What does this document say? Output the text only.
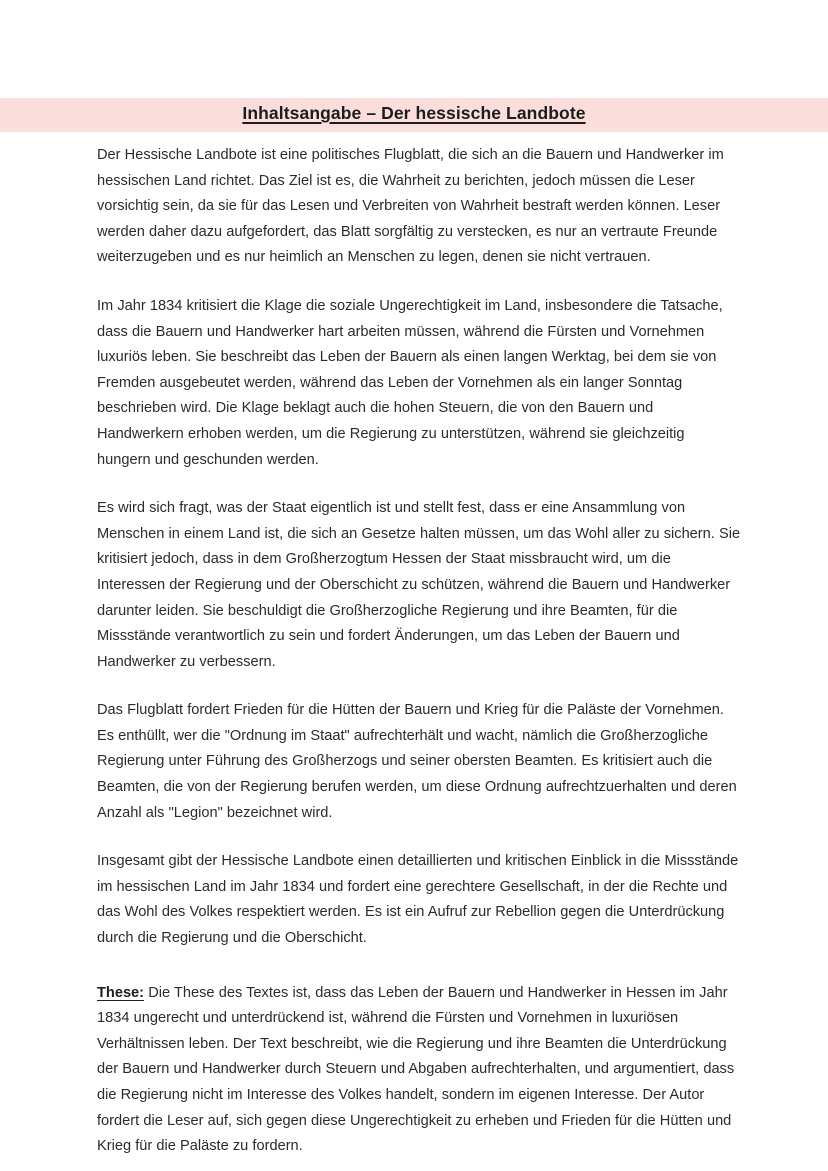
Inhaltsangabe – Der hessische Landbote

Der Hessische Landbote ist eine politisches Flugblatt, die sich an die Bauern und Handwerker im hessischen Land richtet. Das Ziel ist es, die Wahrheit zu berichten, jedoch müssen die Leser vorsichtig sein, da sie für das Lesen und Verbreiten von Wahrheit bestraft werden können. Leser werden daher dazu aufgefordert, das Blatt sorgfältig zu verstecken, es nur an vertraute Freunde weiterzugeben und es nur heimlich an Menschen zu legen, denen sie nicht vertrauen.

Im Jahr 1834 kritisiert die Klage die soziale Ungerechtigkeit im Land, insbesondere die Tatsache, dass die Bauern und Handwerker hart arbeiten müssen, während die Fürsten und Vornehmen luxuriös leben. Sie beschreibt das Leben der Bauern als einen langen Werktag, bei dem sie von Fremden ausgebeutet werden, während das Leben der Vornehmen als ein langer Sonntag beschrieben wird. Die Klage beklagt auch die hohen Steuern, die von den Bauern und Handwerkern erhoben werden, um die Regierung zu unterstützen, während sie gleichzeitig hungern und geschunden werden.

Es wird sich fragt, was der Staat eigentlich ist und stellt fest, dass er eine Ansammlung von Menschen in einem Land ist, die sich an Gesetze halten müssen, um das Wohl aller zu sichern. Sie kritisiert jedoch, dass in dem Großherzogtum Hessen der Staat missbraucht wird, um die Interessen der Regierung und der Oberschicht zu schützen, während die Bauern und Handwerker darunter leiden. Sie beschuldigt die Großherzogliche Regierung und ihre Beamten, für die Missstände verantwortlich zu sein und fordert Änderungen, um das Leben der Bauern und Handwerker zu verbessern.

Das Flugblatt fordert Frieden für die Hütten der Bauern und Krieg für die Paläste der Vornehmen. Es enthüllt, wer die "Ordnung im Staat" aufrechterhält und wacht, nämlich die Großherzogliche Regierung unter Führung des Großherzogs und seiner obersten Beamten. Es kritisiert auch die Beamten, die von der Regierung berufen werden, um diese Ordnung aufrechtzuerhalten und deren Anzahl als "Legion" bezeichnet wird.

Insgesamt gibt der Hessische Landbote einen detaillierten und kritischen Einblick in die Missstände im hessischen Land im Jahr 1834 und fordert eine gerechtere Gesellschaft, in der die Rechte und das Wohl des Volkes respektiert werden. Es ist ein Aufruf zur Rebellion gegen die Unterdrückung durch die Regierung und die Oberschicht.

These: Die These des Textes ist, dass das Leben der Bauern und Handwerker in Hessen im Jahr 1834 ungerecht und unterdrückend ist, während die Fürsten und Vornehmen in luxuriösen Verhältnissen leben. Der Text beschreibt, wie die Regierung und ihre Beamten die Unterdrückung der Bauern und Handwerker durch Steuern und Abgaben aufrechterhalten, und argumentiert, dass die Regierung nicht im Interesse des Volkes handelt, sondern im eigenen Interesse. Der Autor fordert die Leser auf, sich gegen diese Ungerechtigkeit zu erheben und Frieden für die Hütten und Krieg für die Paläste zu fordern.
